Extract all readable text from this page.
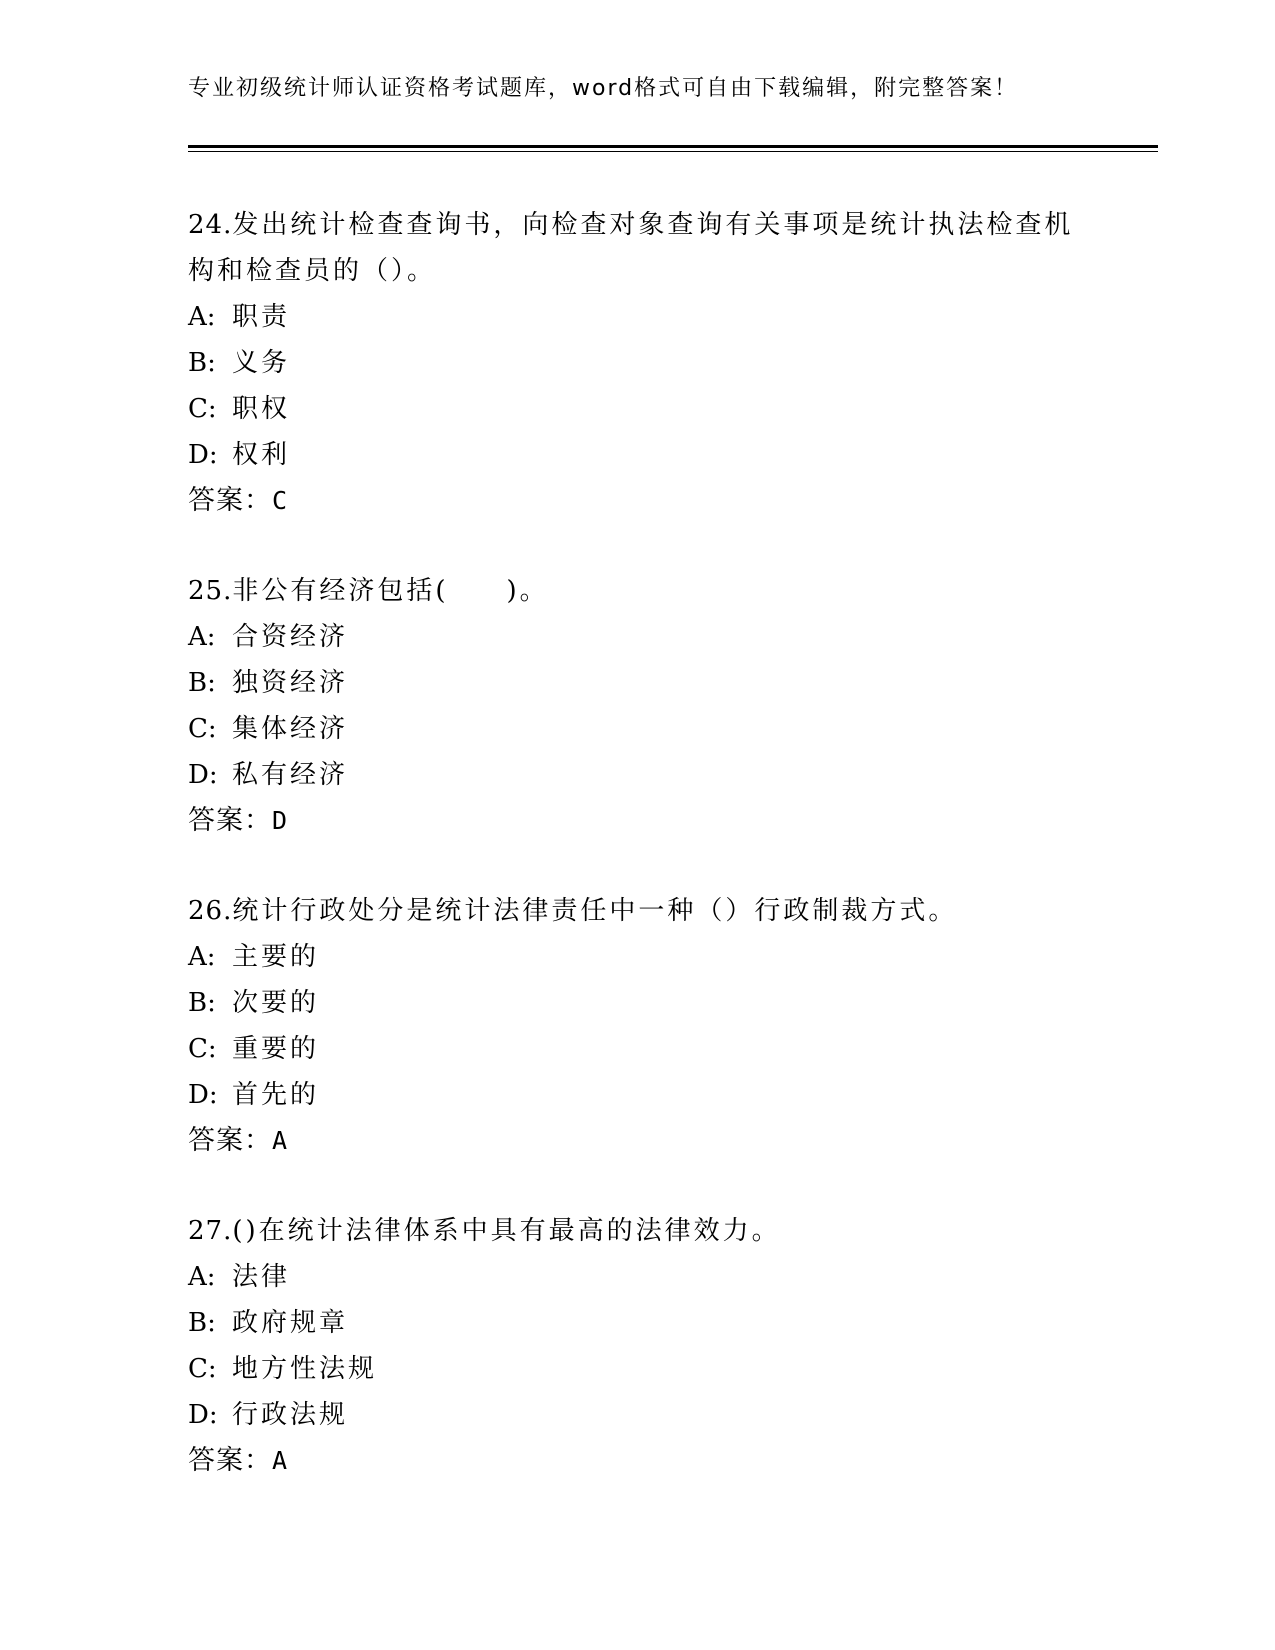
专业初级统计师认证资格考试题库，word格式可自由下载编辑，附完整答案！

24.发出统计检查查询书，向检查对象查询有关事项是统计执法检查机构和检查员的（）。

A: 职责

B: 义务

C: 职权

D: 权利

答案：C

25.非公有经济包括(　　)。

A: 合资经济

B: 独资经济

C: 集体经济

D: 私有经济

答案：D

26.统计行政处分是统计法律责任中一种（）行政制裁方式。

A: 主要的

B: 次要的

C: 重要的

D: 首先的

答案：A

27.()在统计法律体系中具有最高的法律效力。

A: 法律

B: 政府规章

C: 地方性法规

D: 行政法规

答案：A
